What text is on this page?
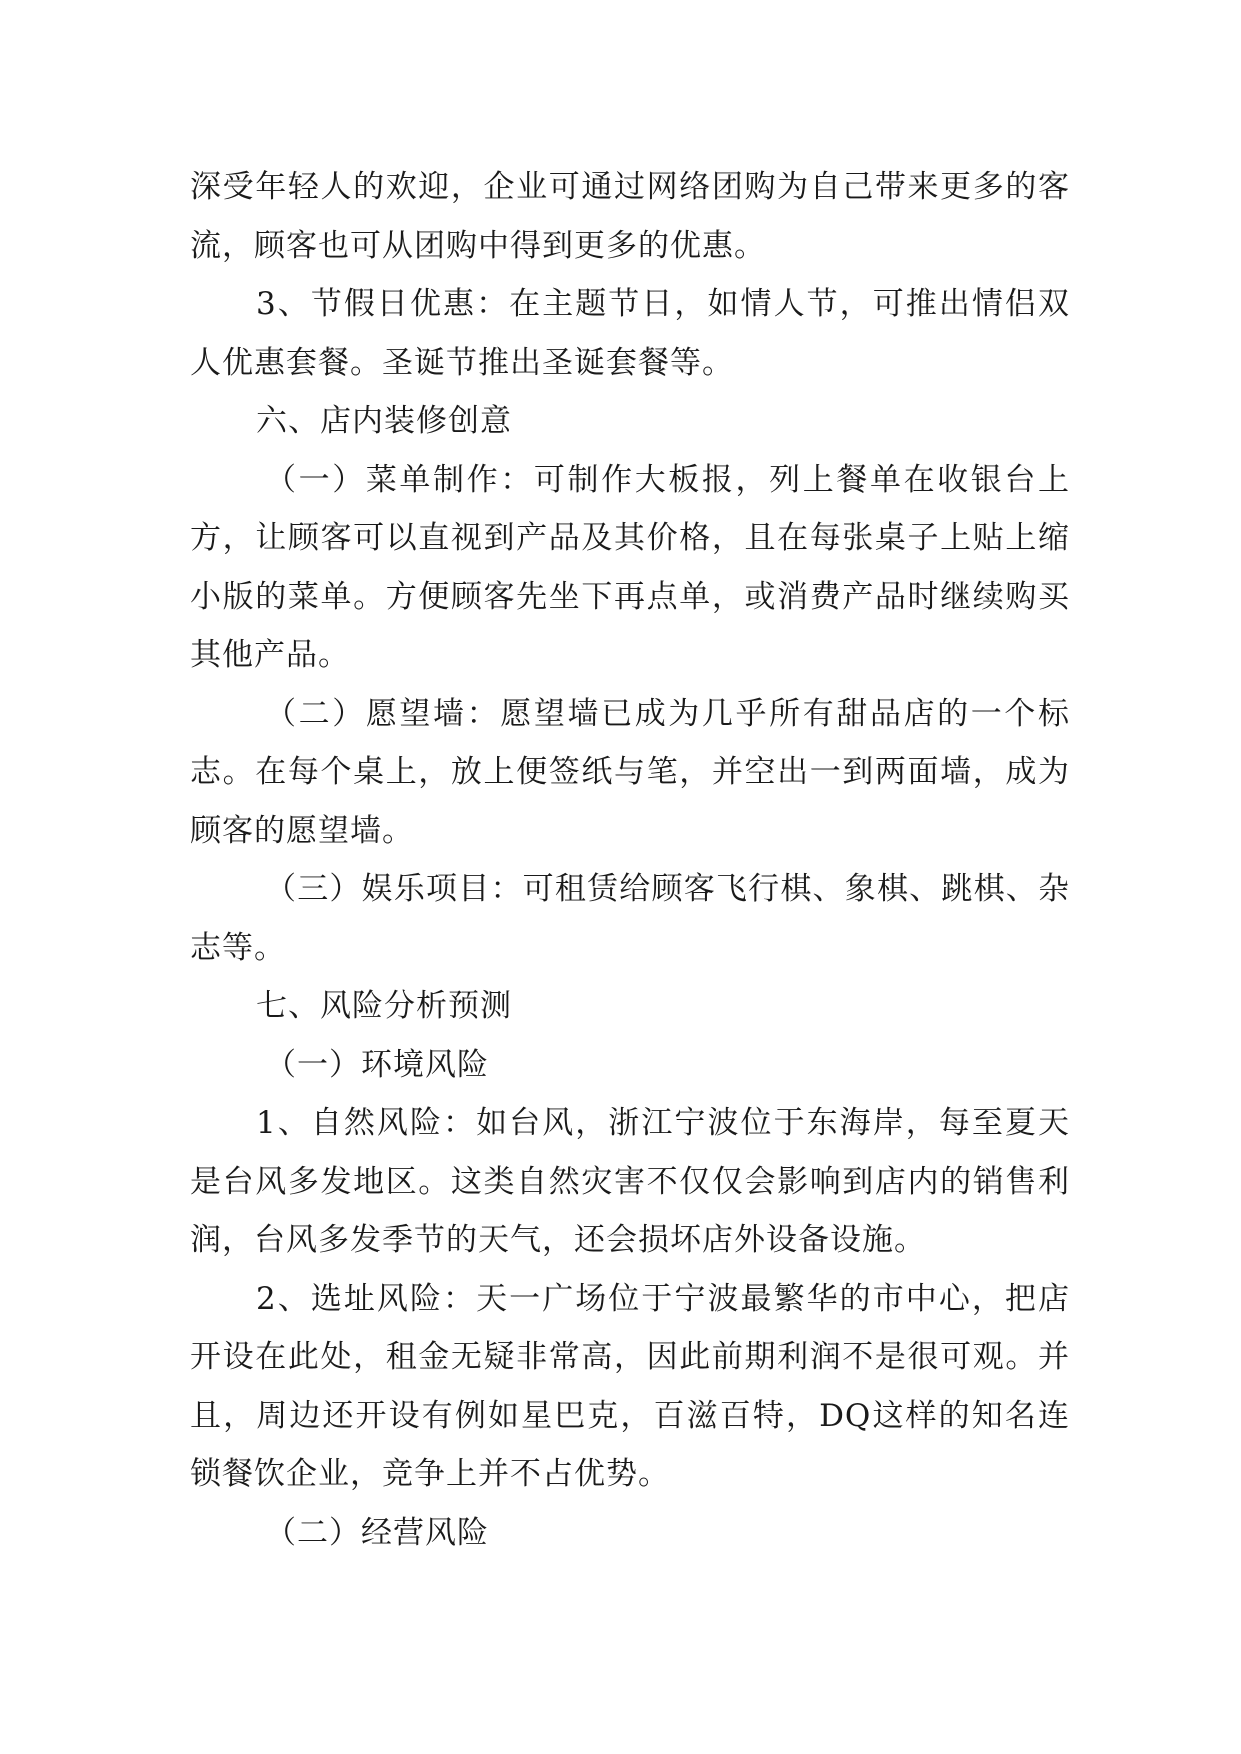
深受年轻人的欢迎，企业可通过网络团购为自己带来更多的客流，顾客也可从团购中得到更多的优惠。

3、节假日优惠：在主题节日，如情人节，可推出情侣双人优惠套餐。圣诞节推出圣诞套餐等。

六、店内装修创意

（一）菜单制作：可制作大板报，列上餐单在收银台上方，让顾客可以直视到产品及其价格，且在每张桌子上贴上缩小版的菜单。方便顾客先坐下再点单，或消费产品时继续购买其他产品。

（二）愿望墙：愿望墙已成为几乎所有甜品店的一个标志。在每个桌上，放上便签纸与笔，并空出一到两面墙，成为顾客的愿望墙。

（三）娱乐项目：可租赁给顾客飞行棋、象棋、跳棋、杂志等。

七、风险分析预测

（一）环境风险

1、自然风险：如台风，浙江宁波位于东海岸，每至夏天是台风多发地区。这类自然灾害不仅仅会影响到店内的销售利润，台风多发季节的天气，还会损坏店外设备设施。

2、选址风险：天一广场位于宁波最繁华的市中心，把店开设在此处，租金无疑非常高，因此前期利润不是很可观。并且，周边还开设有例如星巴克，百滋百特，DQ这样的知名连锁餐饮企业，竞争上并不占优势。

（二）经营风险
